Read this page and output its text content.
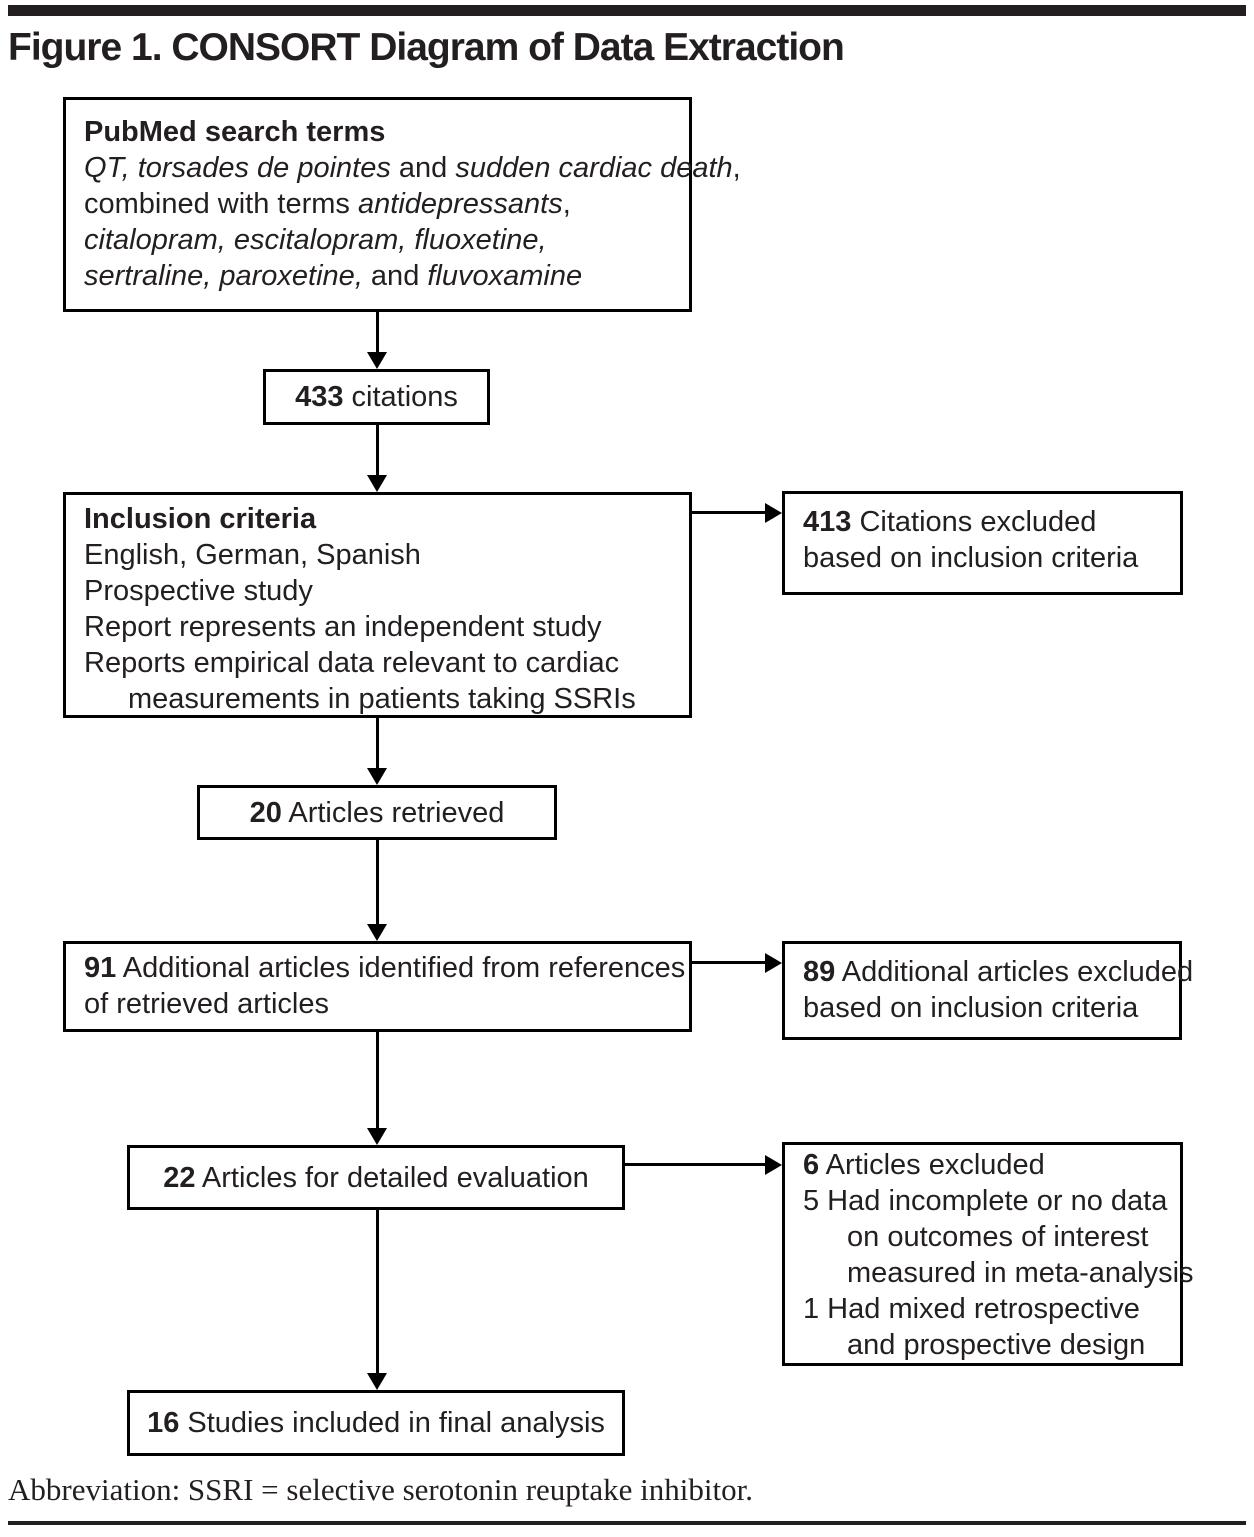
Figure 1. CONSORT Diagram of Data Extraction
PubMed search terms
QT, torsades de pointes and sudden cardiac death,
combined with terms antidepressants,
citalopram, escitalopram, fluoxetine,
sertraline, paroxetine, and fluvoxamine
433 citations
Inclusion criteria
English, German, Spanish
Prospective study
Report represents an independent study
Reports empirical data relevant to cardiac
measurements in patients taking SSRIs
413 Citations excluded
based on inclusion criteria
20 Articles retrieved
91 Additional articles identified from references
of retrieved articles
89 Additional articles excluded
based on inclusion criteria
22 Articles for detailed evaluation	6 Articles excluded
5 Had incomplete or no data
on outcomes of interest
measured in meta-analysis
1 Had mixed retrospective
and prospective design
16 Studies included in final analysis
Abbreviation: SSRI = selective serotonin reuptake inhibitor.
